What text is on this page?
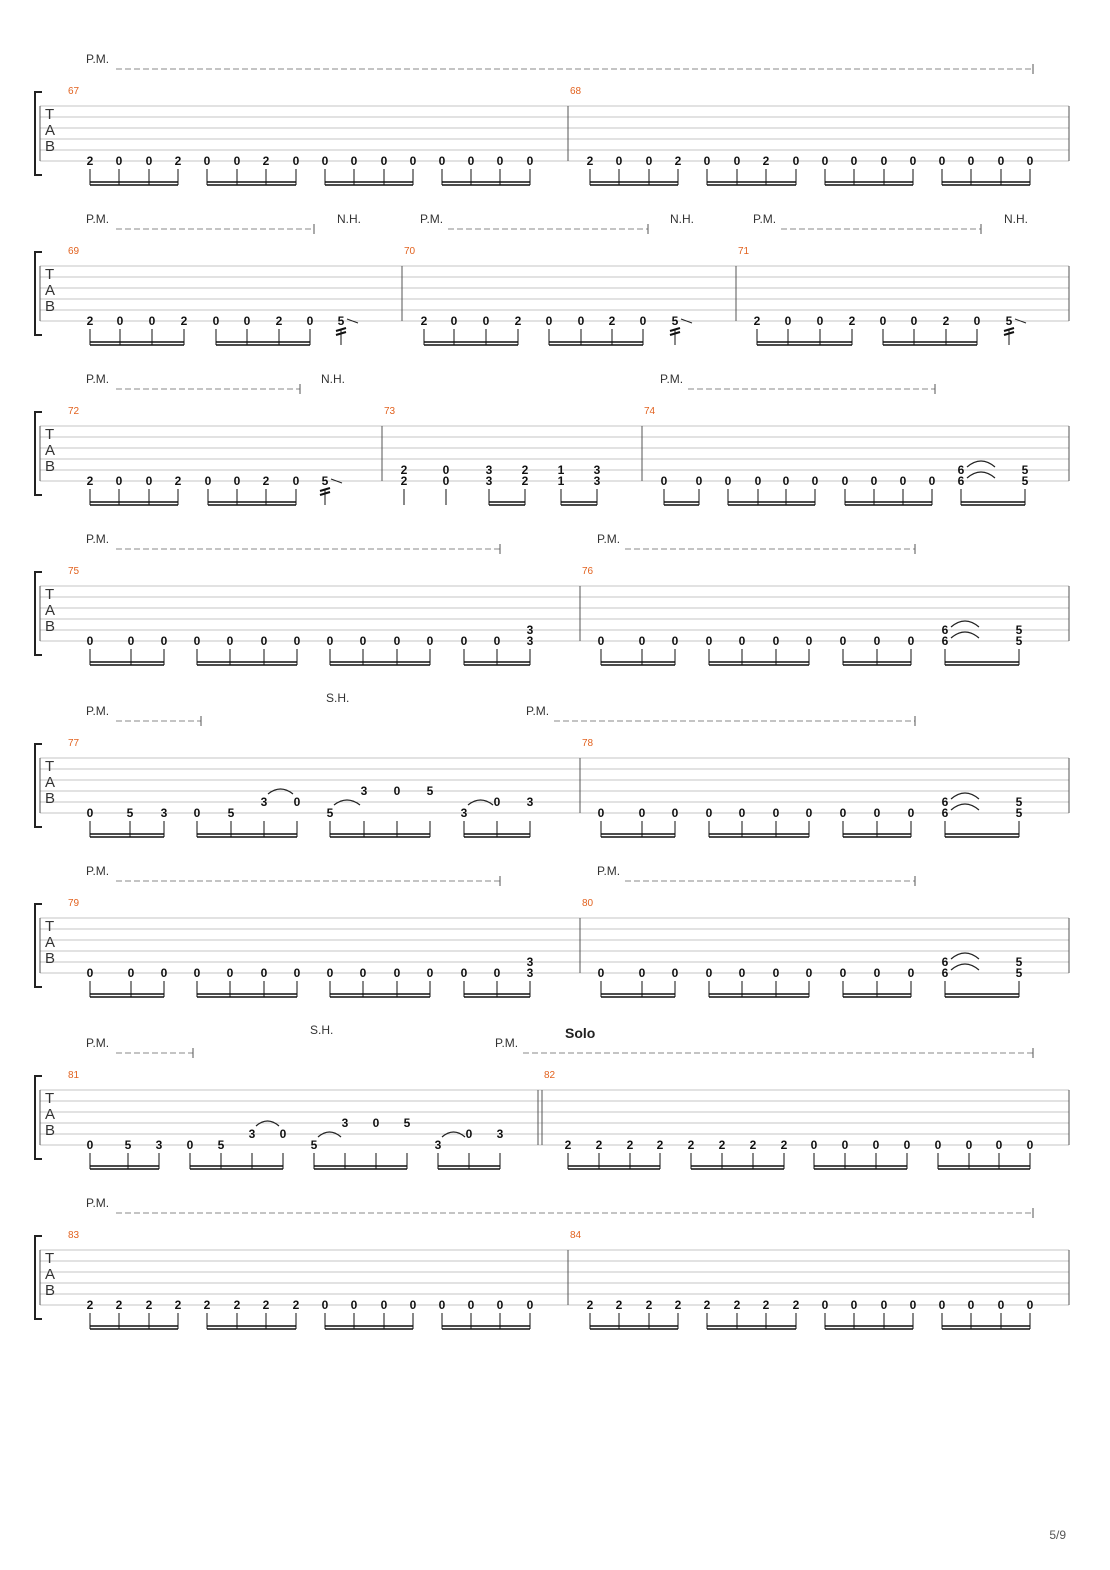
T
A
B
P.M.
67
2 0 0 2 0 0 2 0 0 0 0 0 0 0 0 0
68
2 0 0 2 0 0 2 0 0 0 0 0 0 0 0 0
T
A
B
P.M.	N.H.	P.M.	N.H.	P.M.	N.H.
69
2 0 0 2 0 0 2 0 5
70
2 0 0 2 0 0 2 0 5
71
2 0 0 2 0 0 2 0 5
T
A
B
P.M.	N.H.	P.M.
72
2 0 0 2 0 0 2 0 5
73
2
2
0
0
3
3
2
2
1
1
3
3
74
0 0 0 0 0 0 0 0 0 0
6
6
5
5
T
A
B
P.M.	P.M.
75
0	0 0 0 0 0 0 0 0 0 0 0 0
3
3
76
0	0 0 0 0 0 0 0 0 0
6
6
5
5
T
A
B
P.M.
S.H.
P.M.
77
0	5 3 0 5
3 0
5
3 0 5
3
0 3
78
0	0 0 0 0 0 0 0 0 0
6
6
5
5
T
A
B
P.M.	P.M.
79
0	0 0 0 0 0 0 0 0 0 0 0 0
3
3
80
0	0 0 0 0 0 0 0 0 0
6
6
5
5
T
A
B
P.M.
S.H.
P.M.
Solo
81
0	5 3 0 5
3 0
5
3 0 5
3
0 3
82
2 2 2 2 2 2 2 2 0 0 0 0 0 0 0 0
T
A
B
P.M.
83
2 2 2 2 2 2 2 2 0 0 0 0 0 0 0 0
84
2 2 2 2 2 2 2 2 0 0 0 0 0 0 0 0
5/9
